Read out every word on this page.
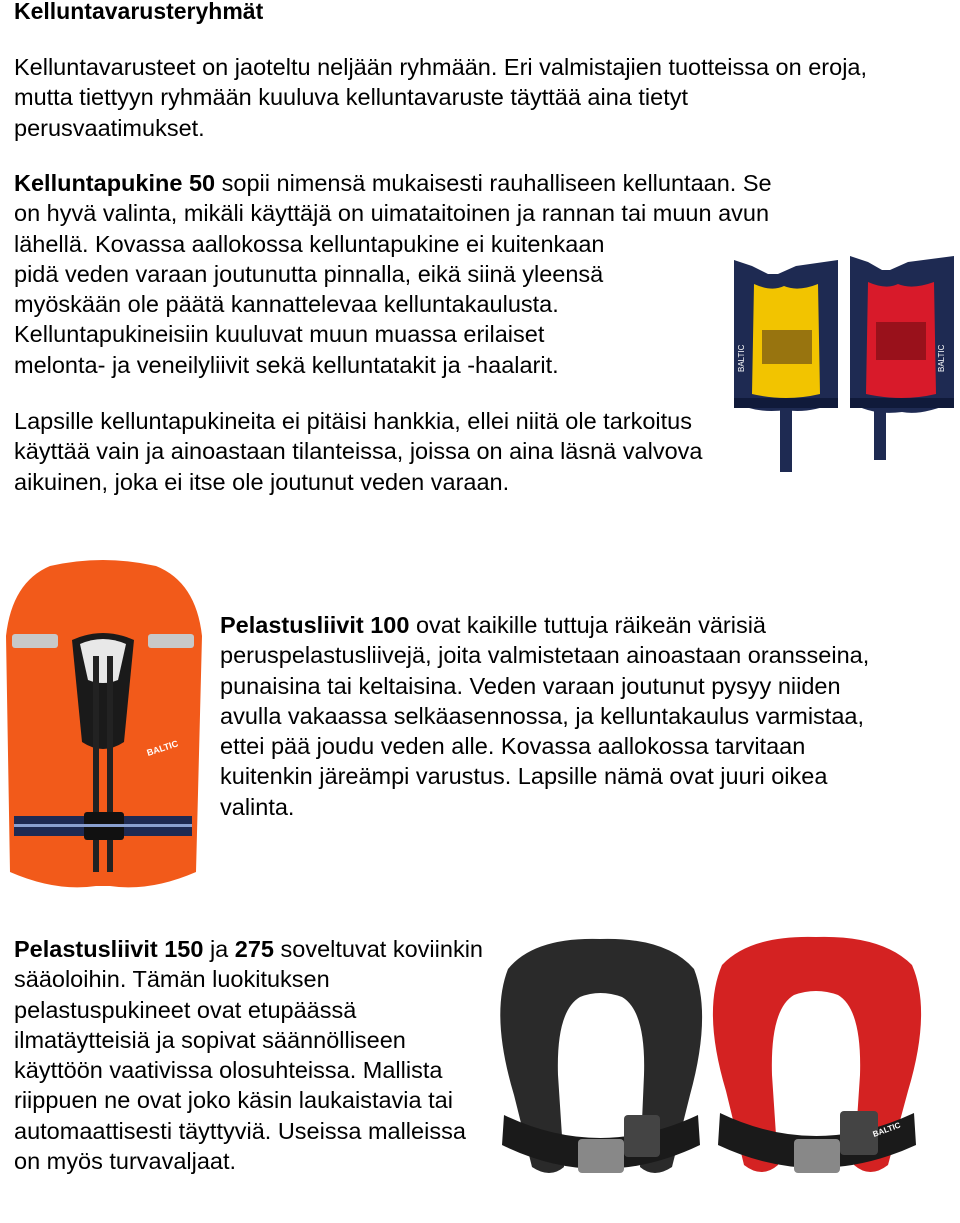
Kelluntavarusteryhmät

Kelluntavarusteet on jaoteltu neljään ryhmään. Eri valmistajien tuotteissa on eroja, mutta tiettyyn ryhmään kuuluva kelluntavaruste täyttää aina tietyt perusvaatimukset.

Kelluntapukine 50 sopii nimensä mukaisesti rauhalliseen kelluntaan. Se
on hyvä valinta, mikäli käyttäjä on uimataitoinen ja rannan tai muun avun
lähellä. Kovassa aallokossa kelluntapukine ei kuitenkaan
pidä veden varaan joutunutta pinnalla, eikä siinä yleensä
myöskään ole päätä kannattelevaa kelluntakaulusta.
Kelluntapukineisiin kuuluvat muun muassa erilaiset
melonta- ja veneilyliivit sekä kelluntatakit ja -haalarit.

Lapsille kelluntapukineita ei pitäisi hankkia, ellei niitä ole tarkoitus käyttää vain ja ainoastaan tilanteissa, joissa on aina läsnä valvova aikuinen, joka ei itse ole joutunut veden varaan.

Pelastusliivit 100 ovat kaikille tuttuja räikeän värisiä peruspelastusliivejä, joita valmistetaan ainoastaan oransseina, punaisina tai keltaisina. Veden varaan joutunut pysyy niiden avulla vakaassa selkäasennossa, ja kelluntakaulus varmistaa, ettei pää joudu veden alle. Kovassa aallokossa tarvitaan kuitenkin järeämpi varustus. Lapsille nämä ovat juuri oikea valinta.

Pelastusliivit 150 ja 275 soveltuvat koviinkin sääoloihin. Tämän luokituksen pelastuspukineet ovat etupäässä ilmatäytteisiä ja sopivat säännölliseen käyttöön vaativissa olosuhteissa. Mallista riippuen ne ovat joko käsin laukaistavia tai automaattisesti täyttyviä. Useissa malleissa on myös turvavaljaat.

BALTIC	BALTIC
BALTIC
BALTIC
